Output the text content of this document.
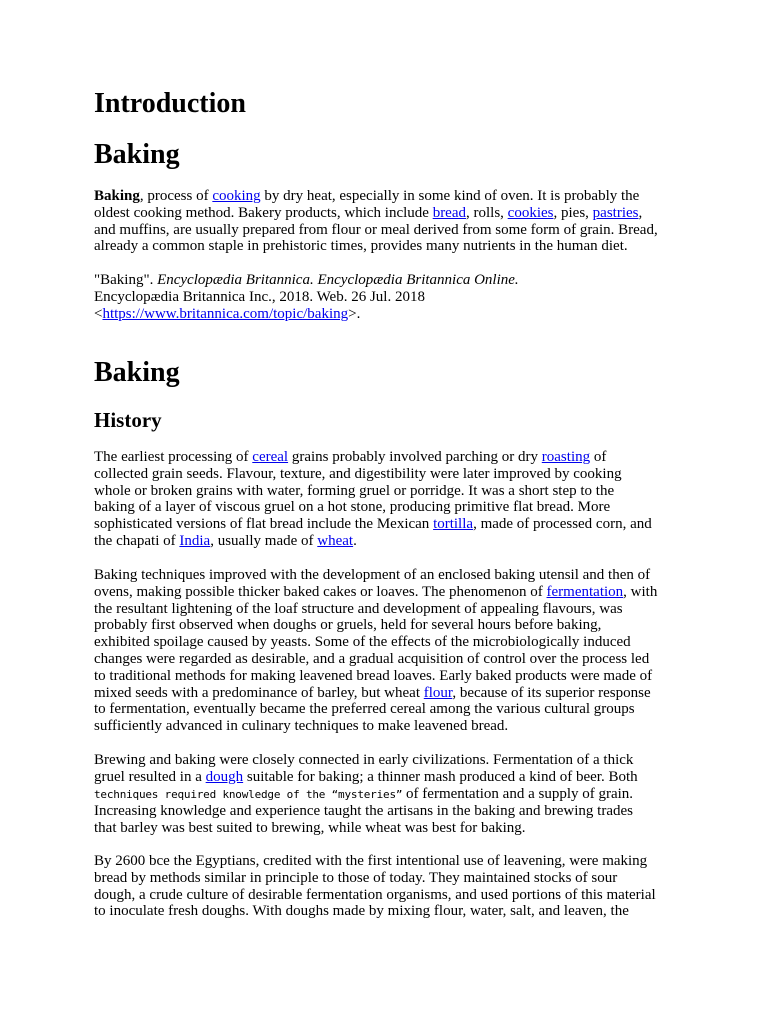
Introduction
Baking
Baking, process of cooking by dry heat, especially in some kind of oven. It is probably the
oldest cooking method. Bakery products, which include bread, rolls, cookies, pies, pastries,
and muffins, are usually prepared from flour or meal derived from some form of grain. Bread,
already a common staple in prehistoric times, provides many nutrients in the human diet.
"Baking". Encyclopædia Britannica. Encyclopædia Britannica Online.
Encyclopædia Britannica Inc., 2018. Web. 26 Jul. 2018
<https://www.britannica.com/topic/baking>.
Baking
History
The earliest processing of cereal grains probably involved parching or dry roasting of
collected grain seeds. Flavour, texture, and digestibility were later improved by cooking
whole or broken grains with water, forming gruel or porridge. It was a short step to the
baking of a layer of viscous gruel on a hot stone, producing primitive flat bread. More
sophisticated versions of flat bread include the Mexican tortilla, made of processed corn, and
the chapati of India, usually made of wheat.
Baking techniques improved with the development of an enclosed baking utensil and then of
ovens, making possible thicker baked cakes or loaves. The phenomenon of fermentation, with
the resultant lightening of the loaf structure and development of appealing flavours, was
probably first observed when doughs or gruels, held for several hours before baking,
exhibited spoilage caused by yeasts. Some of the effects of the microbiologically induced
changes were regarded as desirable, and a gradual acquisition of control over the process led
to traditional methods for making leavened bread loaves. Early baked products were made of
mixed seeds with a predominance of barley, but wheat flour, because of its superior response
to fermentation, eventually became the preferred cereal among the various cultural groups
sufficiently advanced in culinary techniques to make leavened bread.
Brewing and baking were closely connected in early civilizations. Fermentation of a thick
gruel resulted in a dough suitable for baking; a thinner mash produced a kind of beer. Both
techniques required knowledge of the “mysteries” of fermentation and a supply of grain.
Increasing knowledge and experience taught the artisans in the baking and brewing trades
that barley was best suited to brewing, while wheat was best for baking.
By 2600 bce the Egyptians, credited with the first intentional use of leavening, were making
bread by methods similar in principle to those of today. They maintained stocks of sour
dough, a crude culture of desirable fermentation organisms, and used portions of this material
to inoculate fresh doughs. With doughs made by mixing flour, water, salt, and leaven, the
